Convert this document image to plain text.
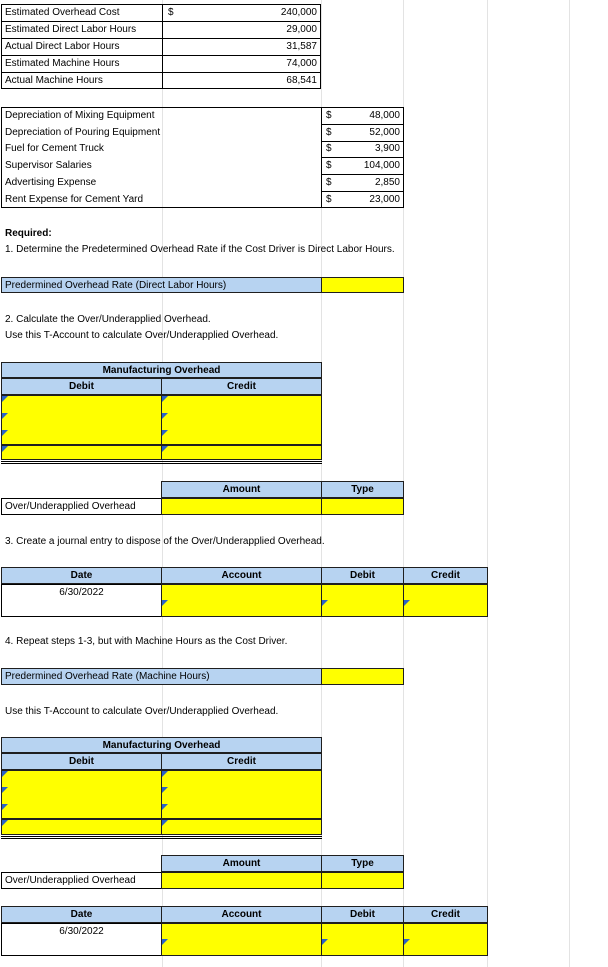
Estimated Overhead Cost	$	240,000
Estimated Direct Labor Hours	29,000
Actual Direct Labor Hours	31,587
Estimated Machine Hours	74,000
Actual Machine Hours	68,541
Depreciation of Mixing Equipment	$	48,000
Depreciation of Pouring Equipment	$	52,000
Fuel for Cement Truck	$	3,900
Supervisor Salaries	$	104,000
Advertising Expense	$	2,850
Rent Expense for Cement Yard	$	23,000
Required:
1. Determine the Predetermined Overhead Rate if the Cost Driver is Direct Labor Hours.
Predermined Overhead Rate (Direct Labor Hours)
2. Calculate the Over/Underapplied Overhead.
Use this T-Account to calculate Over/Underapplied Overhead.
Manufacturing Overhead
Debit	Credit
Amount	Type
Over/Underapplied Overhead
3. Create a journal entry to dispose of the Over/Underapplied Overhead.
Date	Account	Debit	Credit
6/30/2022
4. Repeat steps 1-3, but with Machine Hours as the Cost Driver.
Predermined Overhead Rate (Machine Hours)
Use this T-Account to calculate Over/Underapplied Overhead.
Manufacturing Overhead
Debit	Credit
Amount	Type
Over/Underapplied Overhead
Date	Account	Debit	Credit
6/30/2022
